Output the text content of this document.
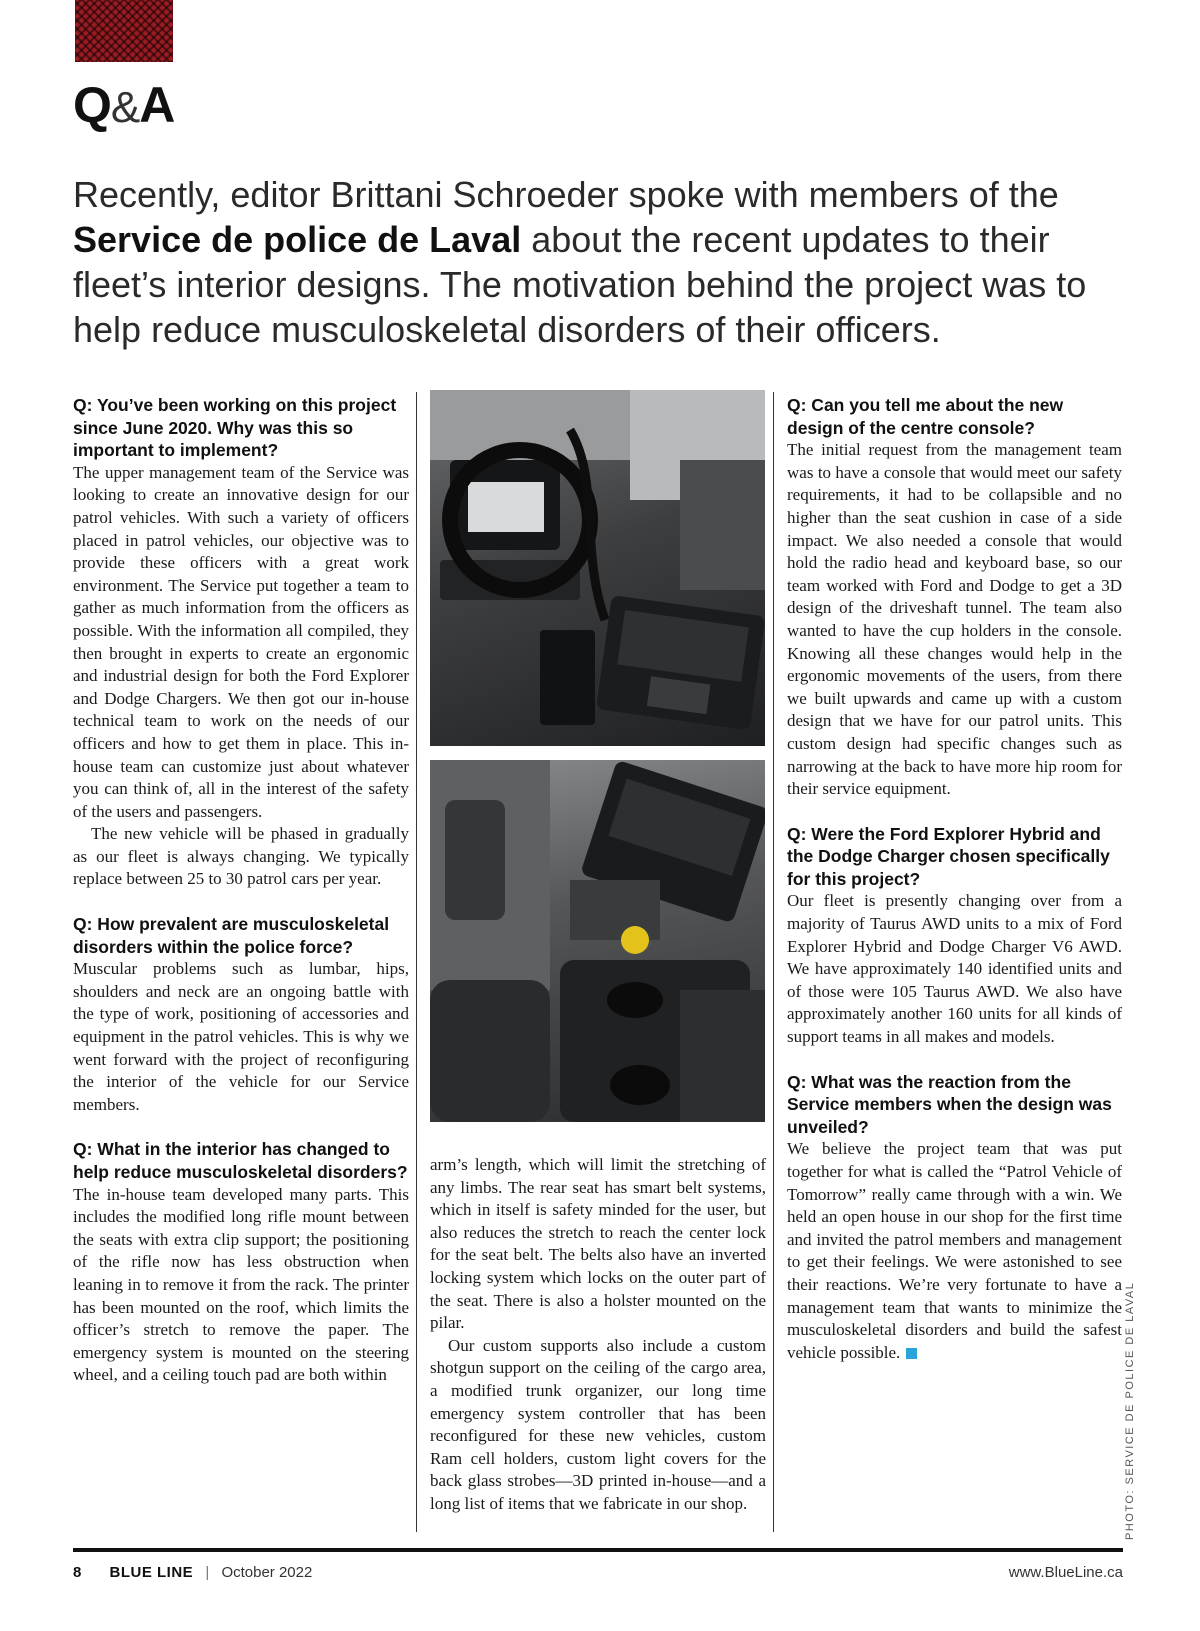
Q&A
Recently, editor Brittani Schroeder spoke with members of the Service de police de Laval about the recent updates to their fleet’s interior designs. The motivation behind the project was to help reduce musculoskeletal disorders of their officers.
Q: You’ve been working on this project since June 2020. Why was this so important to implement?
The upper management team of the Service was looking to create an innovative design for our patrol vehicles. With such a variety of officers placed in patrol vehicles, our objective was to provide these officers with a great work environment. The Service put together a team to gather as much information from the officers as possible. With the information all compiled, they then brought in experts to create an ergonomic and industrial design for both the Ford Explorer and Dodge Chargers. We then got our in-house technical team to work on the needs of our officers and how to get them in place. This in-house team can customize just about whatever you can think of, all in the interest of the safety of the users and passengers.
The new vehicle will be phased in gradually as our fleet is always changing. We typically replace between 25 to 30 patrol cars per year.
Q: How prevalent are musculoskeletal disorders within the police force?
Muscular problems such as lumbar, hips, shoulders and neck are an ongoing battle with the type of work, positioning of accessories and equipment in the patrol vehicles. This is why we went forward with the project of reconfiguring the interior of the vehicle for our Service members.
Q: What in the interior has changed to help reduce musculoskeletal disorders?
The in-house team developed many parts. This includes the modified long rifle mount between the seats with extra clip support; the positioning of the rifle now has less obstruction when leaning in to remove it from the rack. The printer has been mounted on the roof, which limits the officer’s stretch to remove the paper. The emergency system is mounted on the steering wheel, and a ceiling touch pad are both within
arm’s length, which will limit the stretching of any limbs. The rear seat has smart belt systems, which in itself is safety minded for the user, but also reduces the stretch to reach the center lock for the seat belt. The belts also have an inverted locking system which locks on the outer part of the seat. There is also a holster mounted on the pilar.
Our custom supports also include a custom shotgun support on the ceiling of the cargo area, a modified trunk organizer, our long time emergency system controller that has been reconfigured for these new vehicles, custom Ram cell holders, custom light covers for the back glass strobes—3D printed in-house—and a long list of items that we fabricate in our shop.
Q: Can you tell me about the new design of the centre console?
The initial request from the management team was to have a console that would meet our safety requirements, it had to be collapsible and no higher than the seat cushion in case of a side impact. We also needed a console that would hold the radio head and keyboard base, so our team worked with Ford and Dodge to get a 3D design of the driveshaft tunnel. The team also wanted to have the cup holders in the console. Knowing all these changes would help in the ergonomic movements of the users, from there we built upwards and came up with a custom design that we have for our patrol units. This custom design had specific changes such as narrowing at the back to have more hip room for their service equipment.
Q: Were the Ford Explorer Hybrid and the Dodge Charger chosen specifically for this project?
Our fleet is presently changing over from a majority of Taurus AWD units to a mix of Ford Explorer Hybrid and Dodge Charger V6 AWD. We have approximately 140 identified units and of those were 105 Taurus AWD. We also have approximately another 160 units for all kinds of support teams in all makes and models.
Q: What was the reaction from the Service members when the design was unveiled?
We believe the project team that was put together for what is called the “Patrol Vehicle of Tomorrow” really came through with a win. We held an open house in our shop for the first time and invited the patrol members and management to get their feelings. We were astonished to see their reactions. We’re very fortunate to have a management team that wants to minimize the musculoskeletal disorders and build the safest vehicle possible.	PHOTO: SERVICE DE POLICE DE LAVAL
8 BLUE LINE | October 2022	www.BlueLine.ca
